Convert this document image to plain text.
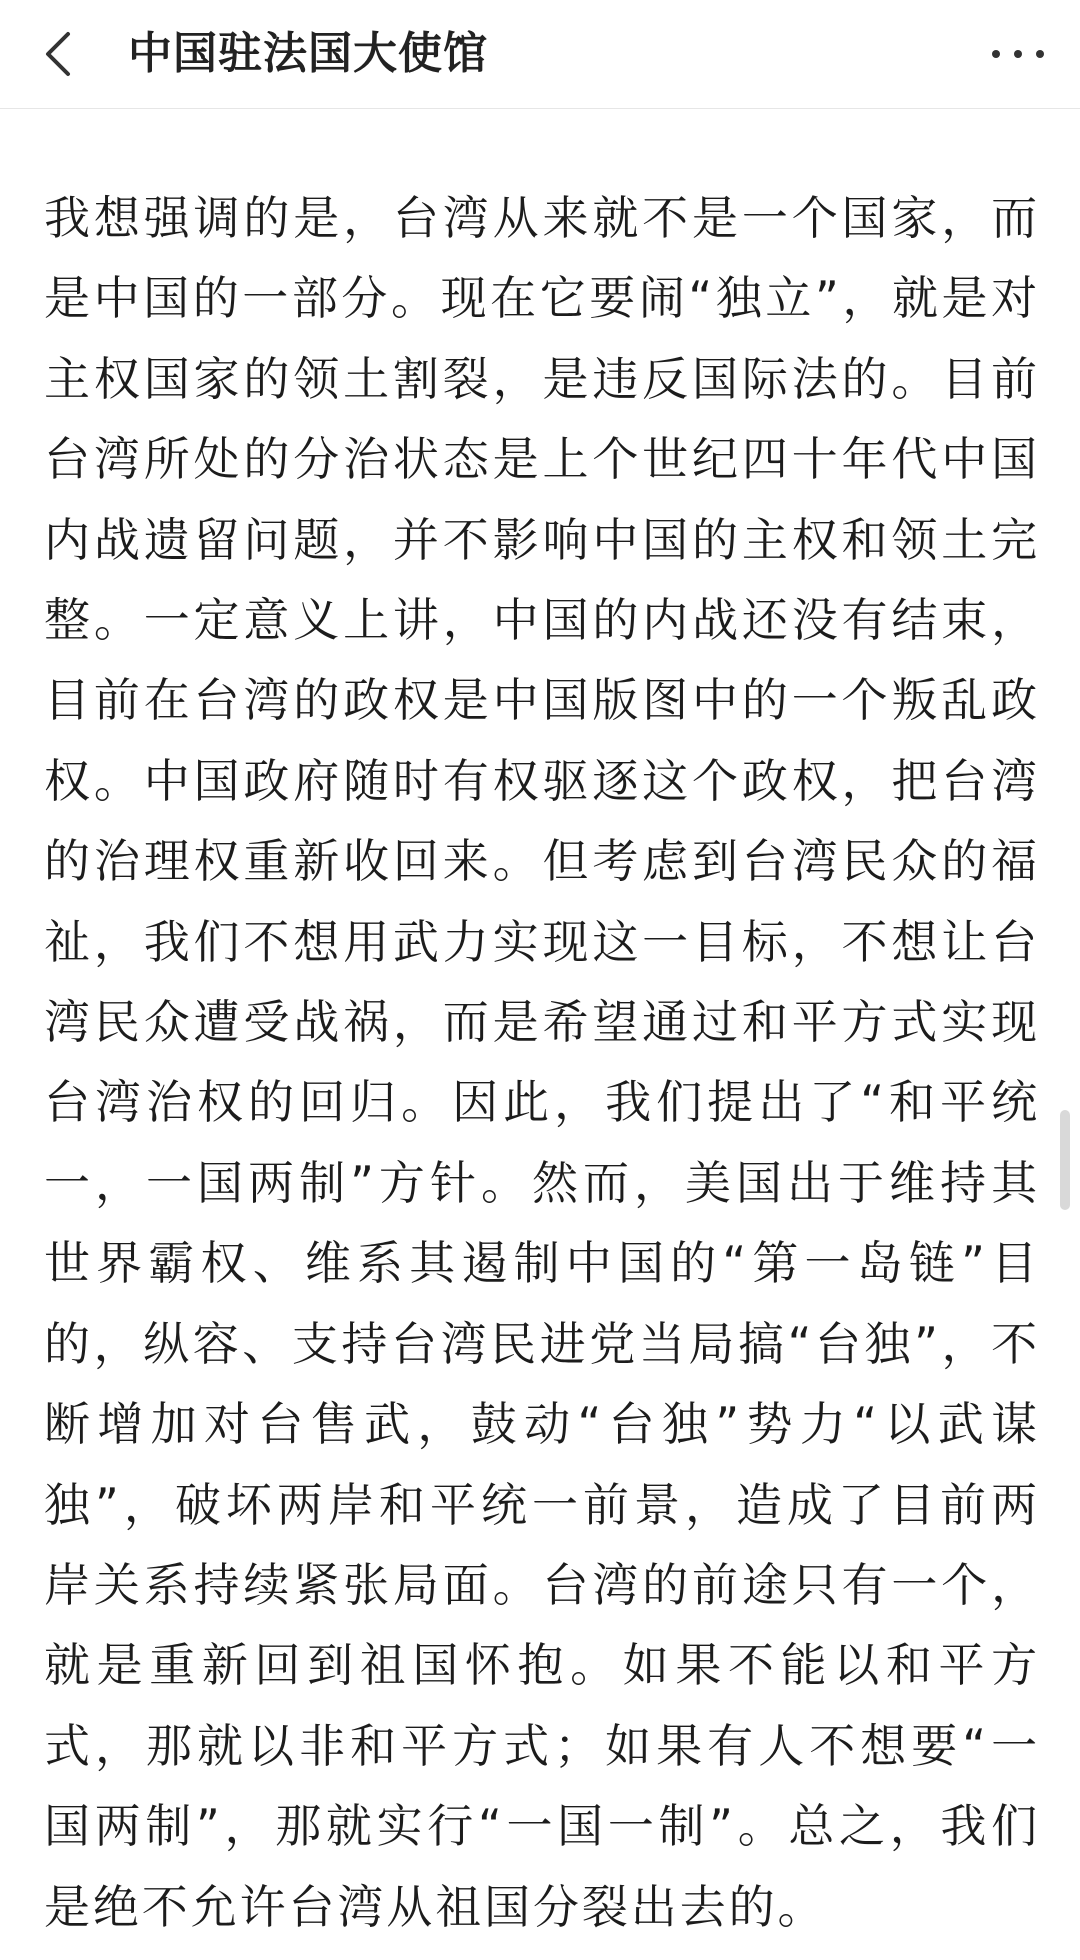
中国驻法国大使馆

我想强调的是，台湾从来就不是一个国家，而是中国的一部分。现在它要闹“独立”，就是对主权国家的领土割裂，是违反国际法的。目前台湾所处的分治状态是上个世纪四十年代中国内战遗留问题，并不影响中国的主权和领土完整。一定意义上讲，中国的内战还没有结束，目前在台湾的政权是中国版图中的一个叛乱政权。中国政府随时有权驱逐这个政权，把台湾的治理权重新收回来。但考虑到台湾民众的福祉，我们不想用武力实现这一目标，不想让台湾民众遭受战祸，而是希望通过和平方式实现台湾治权的回归。因此，我们提出了“和平统一，一国两制”方针。然而，美国出于维持其世界霸权、维系其遏制中国的“第一岛链”目的，纵容、支持台湾民进党当局搞“台独”，不断增加对台售武，鼓动“台独”势力“以武谋独”，破坏两岸和平统一前景，造成了目前两岸关系持续紧张局面。台湾的前途只有一个，就是重新回到祖国怀抱。如果不能以和平方式，那就以非和平方式；如果有人不想要“一国两制”，那就实行“一国一制”。总之，我们是绝不允许台湾从祖国分裂出去的。
